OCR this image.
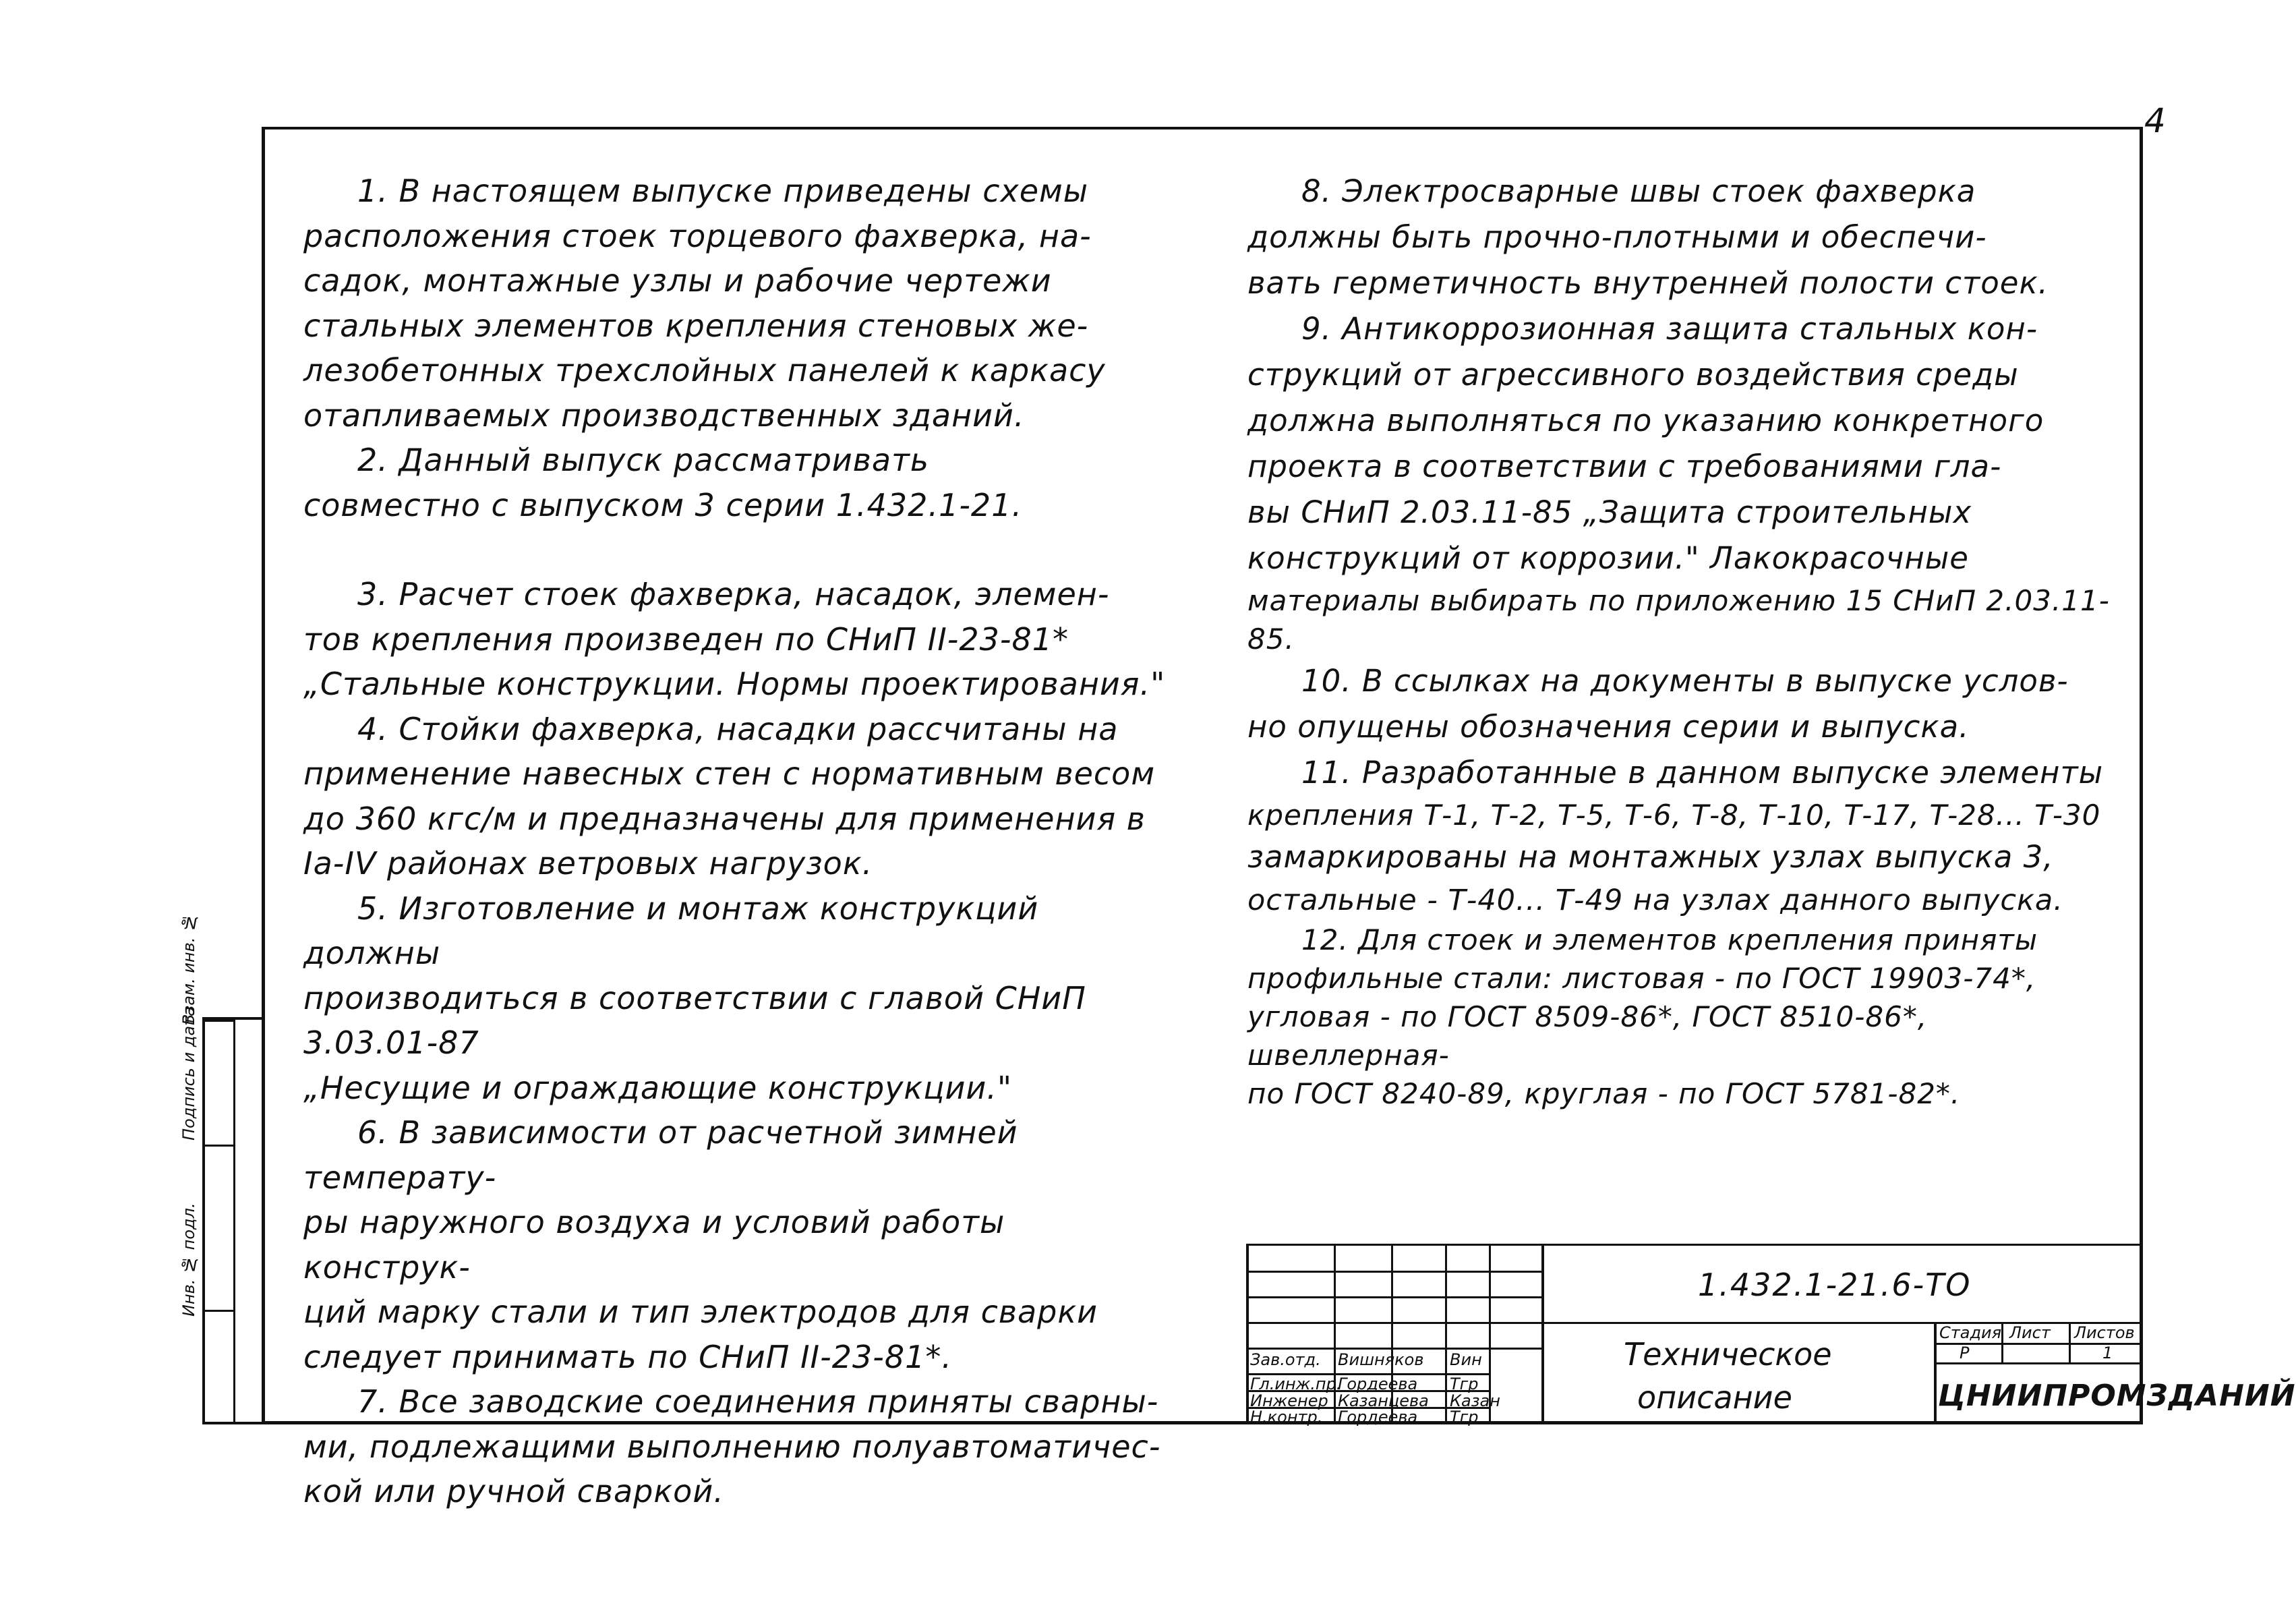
4
Взам. инв. №
Подпись и дата
Инв. № подл.

1. В настоящем выпуске приведены схемы

расположения стоек торцевого фахверка, на-

садок, монтажные узлы и рабочие чертежи

стальных элементов крепления стеновых же-

лезобетонных трехслойных панелей к каркасу

отапливаемых производственных зданий.

2. Данный выпуск рассматривать

совместно с выпуском 3 серии 1.432.1-21.

3. Расчет стоек фахверка, насадок, элемен-

тов крепления произведен по СНиП II-23-81*

„Стальные конструкции. Нормы проектирования."

4. Стойки фахверка, насадки рассчитаны на

применение навесных стен с нормативным весом

до 360 кгс/м и предназначены для применения в

Iа-IV районах ветровых нагрузок.

5. Изготовление и монтаж конструкций должны

производиться в соответствии с главой СНиП 3.03.01-87

„Несущие и ограждающие конструкции."

6. В зависимости от расчетной зимней температу-

ры наружного воздуха и условий работы конструк-

ций марку стали и тип электродов для сварки

следует принимать по СНиП II-23-81*.

7. Все заводские соединения приняты сварны-

ми, подлежащими выполнению полуавтоматичес-

кой или ручной сваркой.

8. Электросварные швы стоек фахверка

должны быть прочно-плотными и обеспечи-

вать герметичность внутренней полости стоек.

9. Антикоррозионная защита стальных кон-

струкций от агрессивного воздействия среды

должна выполняться по указанию конкретного

проекта в соответствии с требованиями гла-

вы СНиП 2.03.11-85 „Защита строительных

конструкций от коррозии." Лакокрасочные

материалы выбирать по приложению 15 СНиП 2.03.11-85.

10. В ссылках на документы в выпуске услов-

но опущены обозначения серии и выпуска.

11. Разработанные в данном выпуске элементы

крепления Т-1, Т-2, Т-5, Т-6, Т-8, Т-10, Т-17, Т-28... Т-30

замаркированы на монтажных узлах выпуска 3,

остальные - Т-40... Т-49 на узлах данного выпуска.

12. Для стоек и элементов крепления приняты

профильные стали: листовая - по ГОСТ 19903-74*,

угловая - по ГОСТ 8509-86*, ГОСТ 8510-86*, швеллерная-

по ГОСТ 8240-89, круглая - по ГОСТ 5781-82*.

1.432.1-21.6-ТО
Техническое
описание
Стадия Лист Листов
Р	1
ЦНИИПРОМЗДАНИЙ
Зав.отд. Вишняков Вин
Гл.инж.пр.
Гордеева Тгр
Инженер Казанцева Казан
Н.контр. Гордеева Тгр
